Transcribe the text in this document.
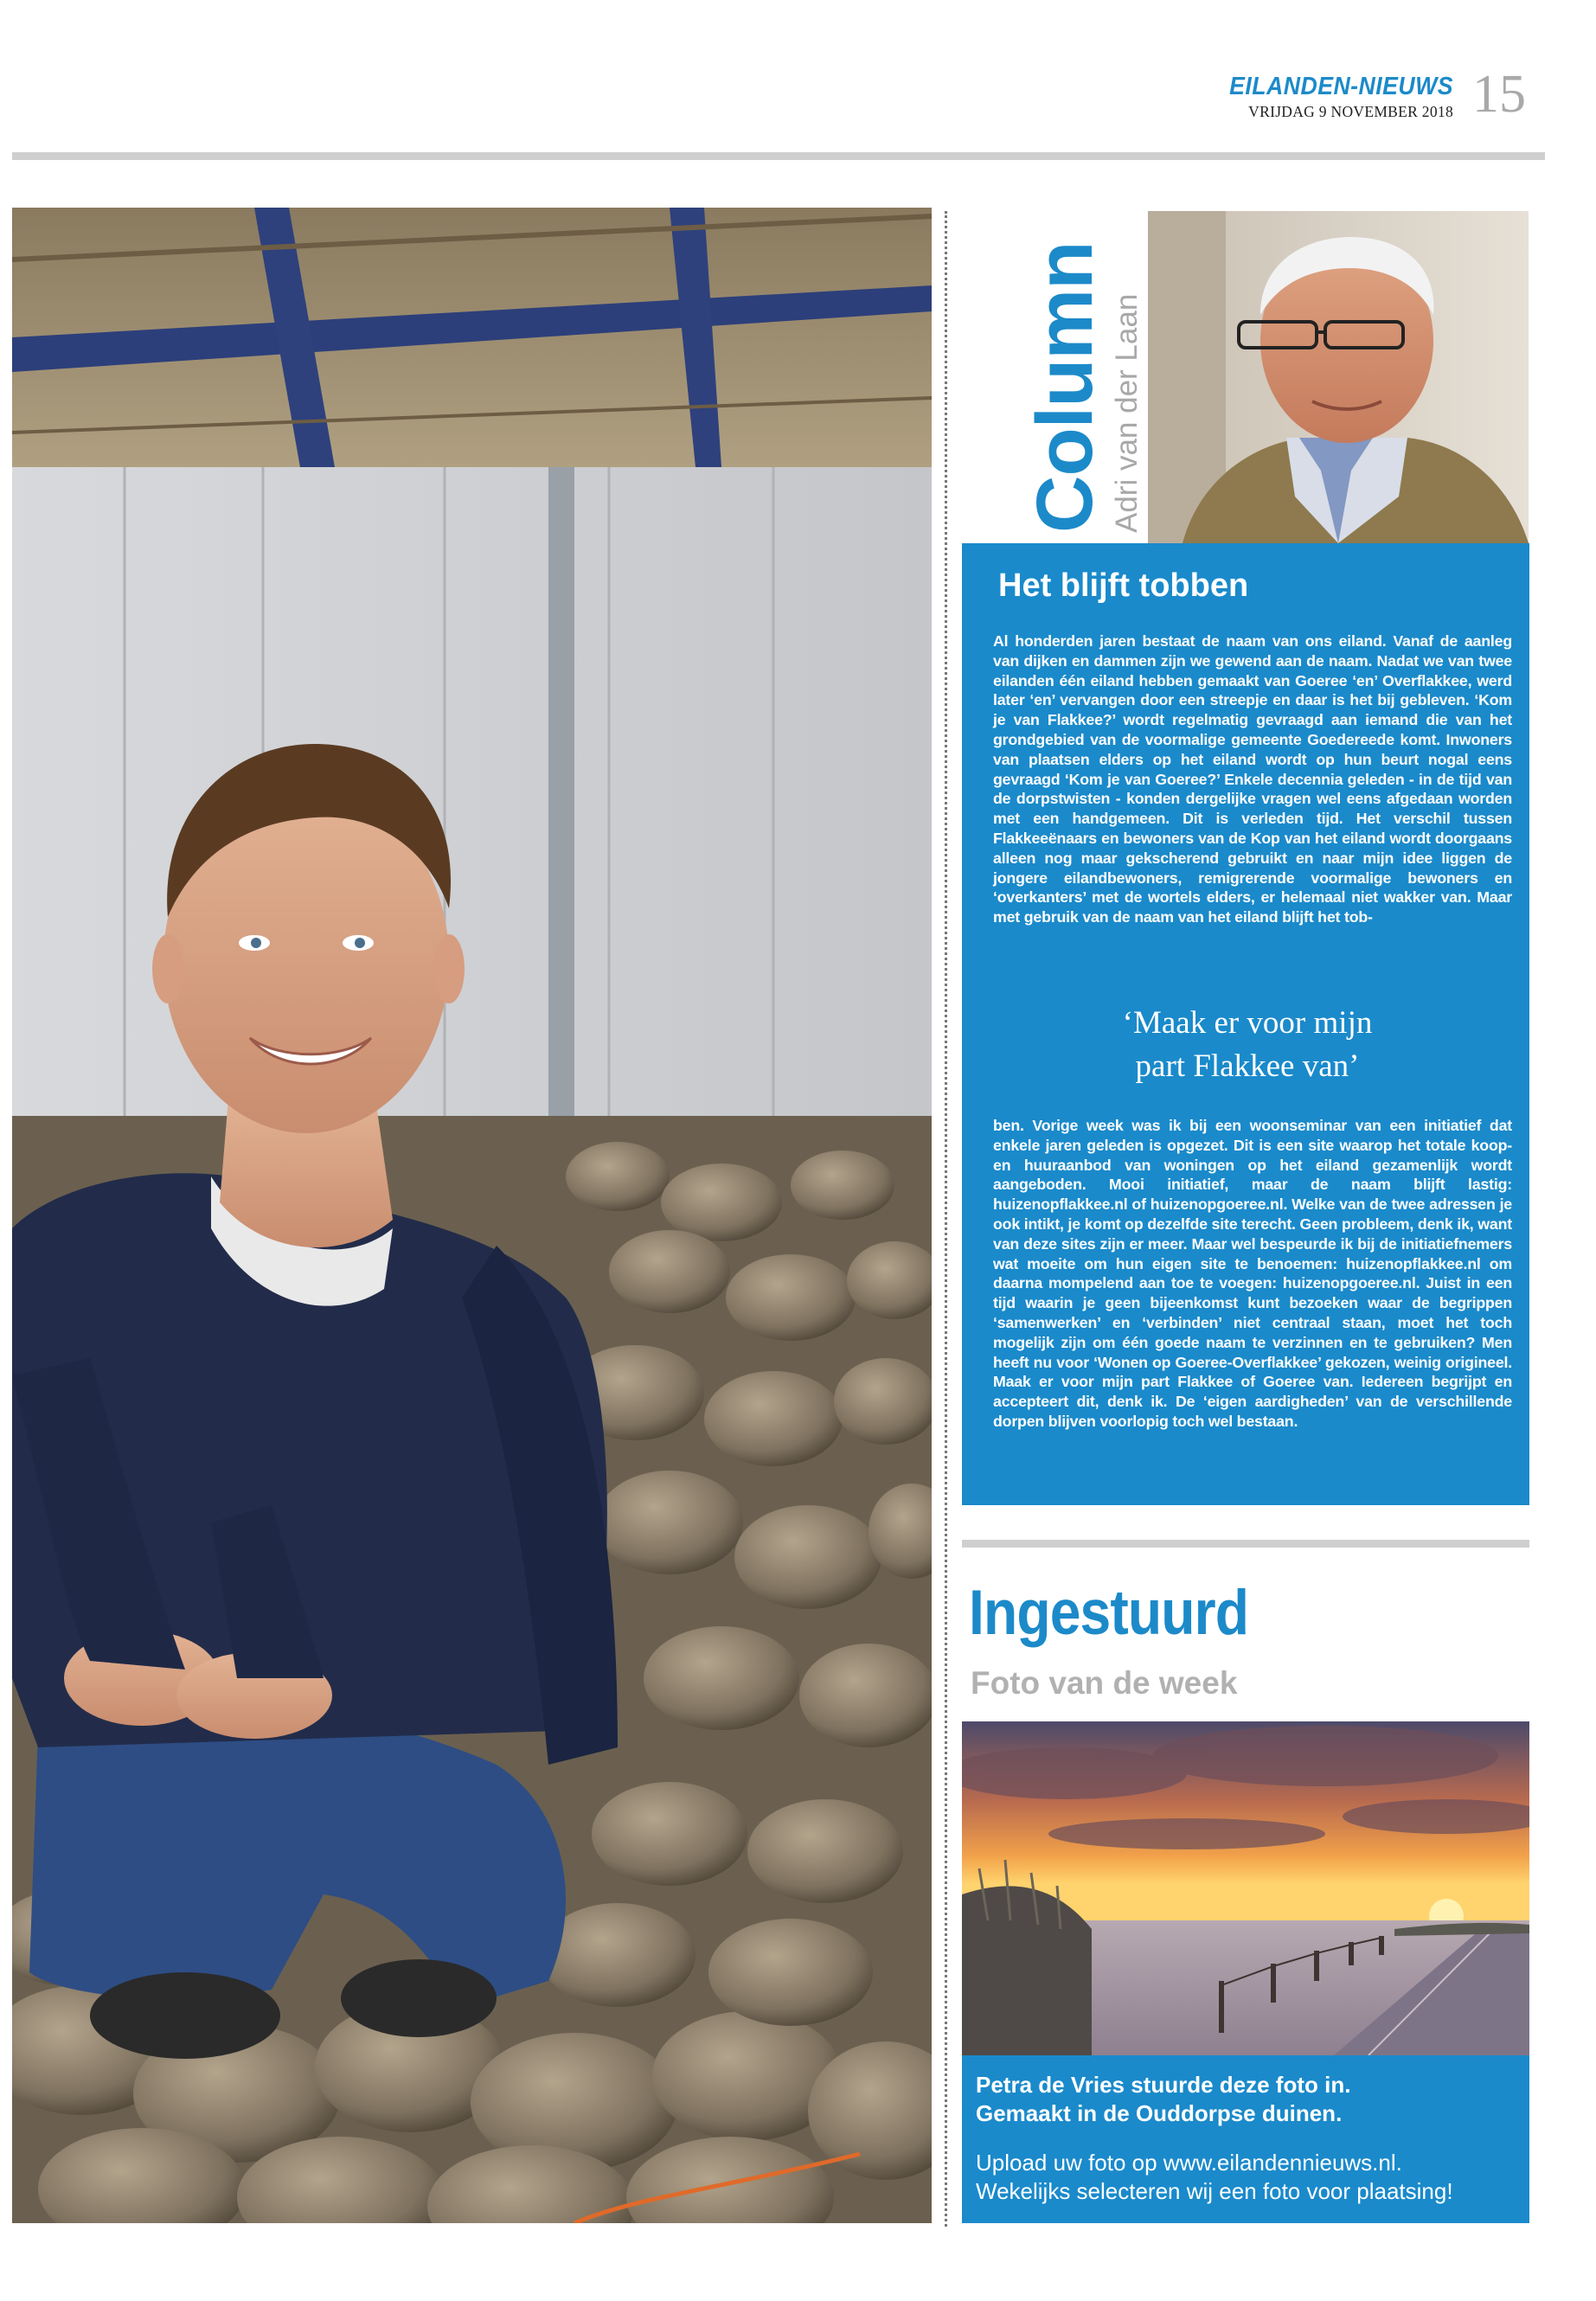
EILANDEN-NIEUWS
VRIJDAG 9 NOVEMBER 2018 15
Column Adri van der Laan
Het blijft tobben
Al honderden jaren bestaat de naam van ons eiland. Vanaf de aanleg van dijken en dammen zijn we gewend aan de naam. Nadat we van twee eilanden één eiland hebben gemaakt van Goeree ‘en’ Overflakkee, werd later ‘en’ vervangen door een streepje en daar is het bij gebleven. ‘Kom je van Flakkee?’ wordt regelmatig gevraagd aan iemand die van het grondgebied van de voormalige gemeente Goedereede komt. Inwoners van plaatsen elders op het eiland wordt op hun beurt nogal eens gevraagd ‘Kom je van Goeree?’ Enkele decennia geleden - in de tijd van de dorpstwisten - konden dergelijke vragen wel eens afgedaan worden met een handgemeen. Dit is verleden tijd. Het verschil tussen Flakkeeënaars en bewoners van de Kop van het eiland wordt doorgaans alleen nog maar gekscherend gebruikt en naar mijn idee liggen de jongere eilandbewoners, remigrerende voormalige bewoners en ‘overkanters’ met de wortels elders, er helemaal niet wakker van. Maar met gebruik van de naam van het eiland blijft het tob-
‘Maak er voor mijn
part Flakkee van’
ben. Vorige week was ik bij een woonseminar van een initiatief dat enkele jaren geleden is opgezet. Dit is een site waarop het totale koop- en huuraanbod van woningen op het eiland gezamenlijk wordt aangeboden. Mooi initiatief, maar de naam blijft lastig: huizenopflakkee.nl of huizenopgoeree.nl. Welke van de twee adressen je ook intikt, je komt op dezelfde site terecht. Geen probleem, denk ik, want van deze sites zijn er meer. Maar wel bespeurde ik bij de initiatiefnemers wat moeite om hun eigen site te benoemen: huizenopflakkee.nl om daarna mompelend aan toe te voegen: huizenopgoeree.nl. Juist in een tijd waarin je geen bijeenkomst kunt bezoeken waar de begrippen ‘samenwerken’ en ‘verbinden’ niet centraal staan, moet het toch mogelijk zijn om één goede naam te verzinnen en te gebruiken? Men heeft nu voor ‘Wonen op Goeree-Overflakkee’ gekozen, weinig origineel. Maak er voor mijn part Flakkee of Goeree van. Iedereen begrijpt en accepteert dit, denk ik. De ‘eigen aardigheden’ van de verschillende dorpen blijven voorlopig toch wel bestaan.
Ingestuurd
Foto van de week
Petra de Vries stuurde deze foto in.
Gemaakt in de Ouddorpse duinen.
Upload uw foto op www.eilandennieuws.nl.
Wekelijks selecteren wij een foto voor plaatsing!
